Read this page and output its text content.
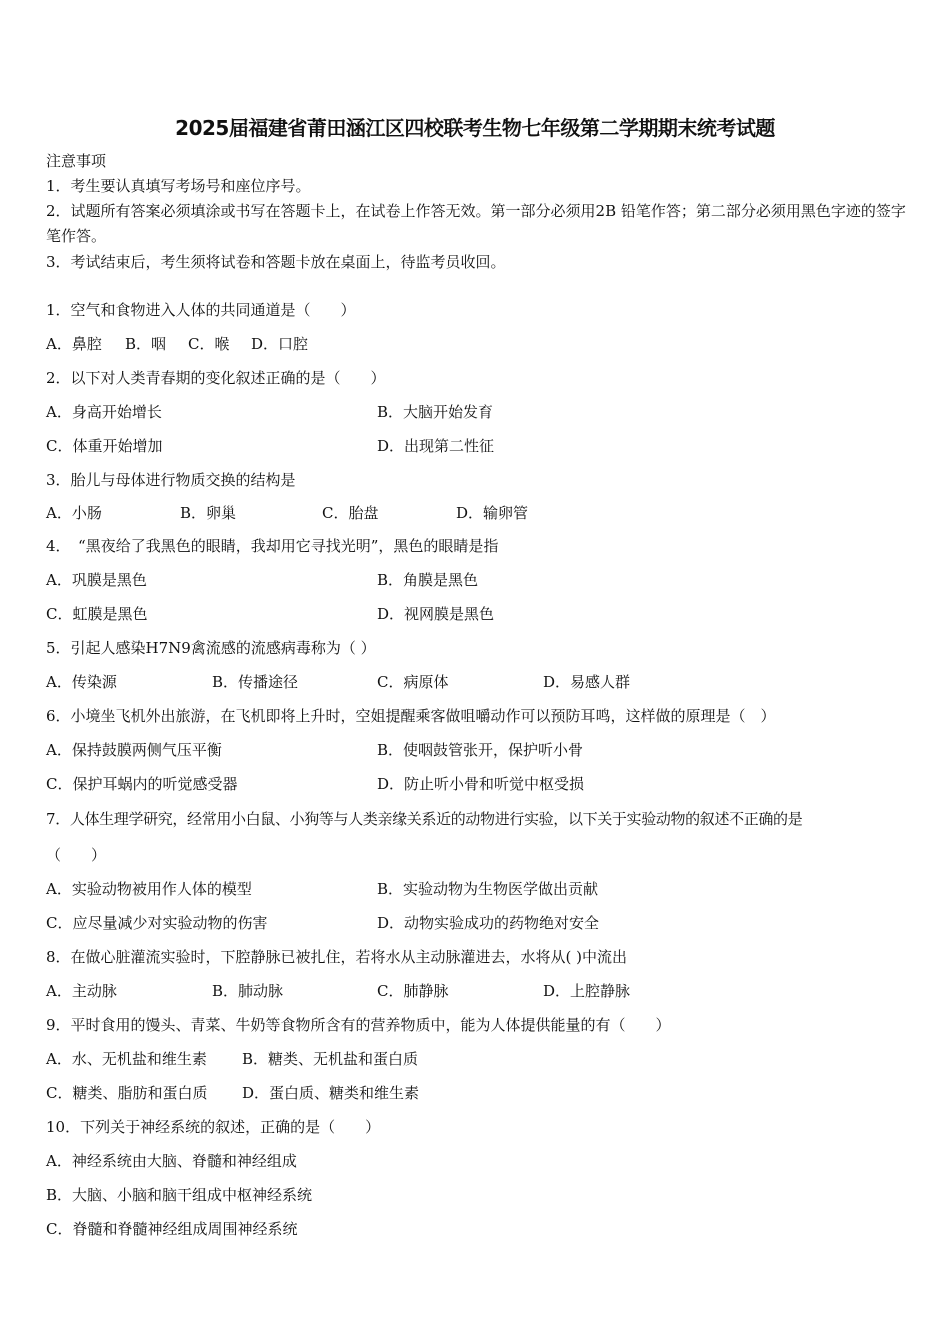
2025届福建省莆田涵江区四校联考生物七年级第二学期期末统考试题
注意事项
1．考生要认真填写考场号和座位序号。
2．试题所有答案必须填涂或书写在答题卡上，在试卷上作答无效。第一部分必须用2B 铅笔作答；第二部分必须用黑色字迹的签字笔作答。
3．考试结束后，考生须将试卷和答题卡放在桌面上，待监考员收回。
1．空气和食物进入人体的共同通道是（　　）
A．鼻腔 B．咽 C．喉 D．口腔
2．以下对人类青春期的变化叙述正确的是（　　）
A．身高开始增长	B．大脑开始发育
C．体重开始增加	D．出现第二性征
3．胎儿与母体进行物质交换的结构是
A．小肠	B．卵巢	C．胎盘	D．输卵管
4．　“黑夜给了我黑色的眼睛，我却用它寻找光明”，黑色的眼睛是指
A．巩膜是黑色	B．角膜是黑色
C．虹膜是黑色	D．视网膜是黑色
5．引起人感染H7N9禽流感的流感病毒称为（ ）
A．传染源	B．传播途径	C．病原体	D．易感人群
6．小境坐飞机外出旅游，在飞机即将上升时，空姐提醒乘客做咀嚼动作可以预防耳鸣，这样做的原理是（　）
A．保持鼓膜两侧气压平衡	B．使咽鼓管张开，保护听小骨
C．保护耳蜗内的听觉感受器	D．防止听小骨和听觉中枢受损
7．人体生理学研究，经常用小白鼠、小狗等与人类亲缘关系近的动物进行实验，以下关于实验动物的叙述不正确的是
（　　）
A．实验动物被用作人体的模型	B．实验动物为生物医学做出贡献
C．应尽量减少对实验动物的伤害	D．动物实验成功的药物绝对安全
8．在做心脏灌流实验时，下腔静脉已被扎住，若将水从主动脉灌进去，水将从( )中流出
A．主动脉	B．肺动脉	C．肺静脉	D．上腔静脉
9．平时食用的馒头、青菜、牛奶等食物所含有的营养物质中，能为人体提供能量的有（　　）
A．水、无机盐和维生素 B．糖类、无机盐和蛋白质
C．糖类、脂肪和蛋白质 D．蛋白质、糖类和维生素
10．下列关于神经系统的叙述，正确的是（　　）
A．神经系统由大脑、脊髓和神经组成
B．大脑、小脑和脑干组成中枢神经系统
C．脊髓和脊髓神经组成周围神经系统
